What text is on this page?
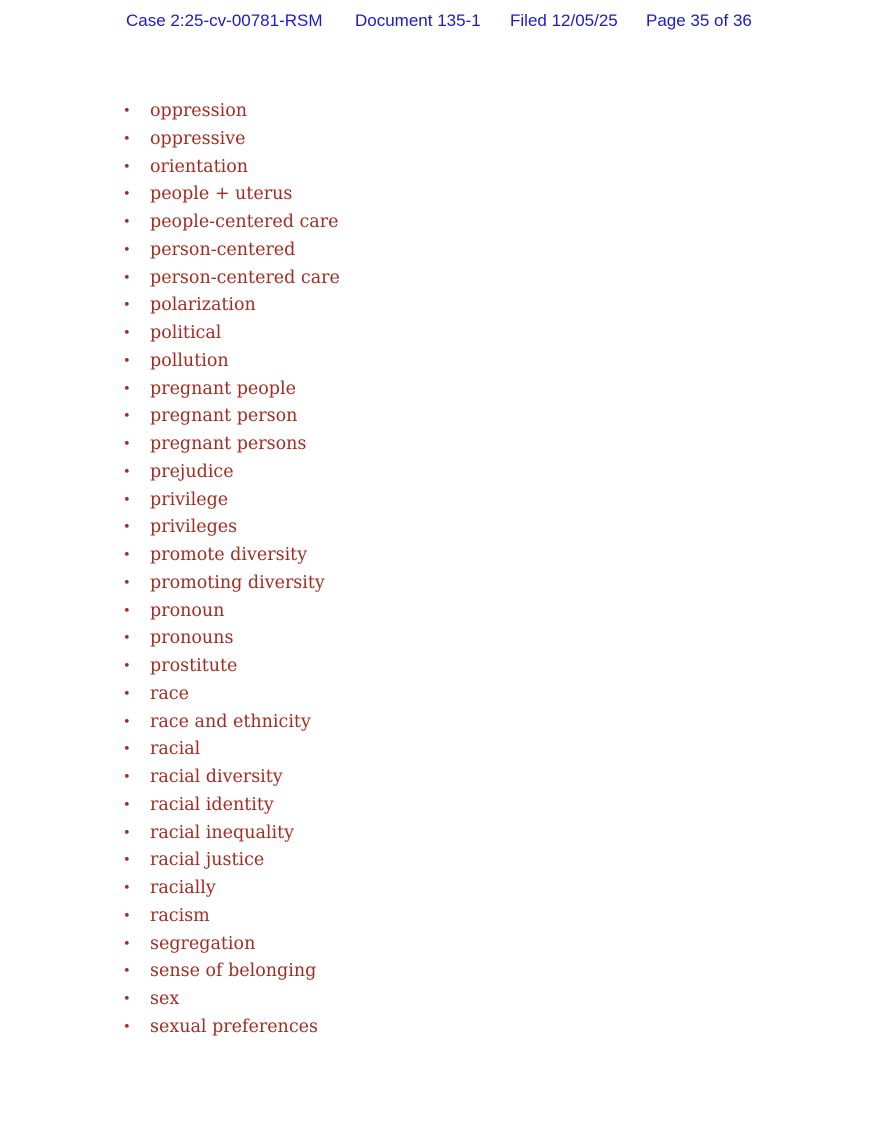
Case 2:25-cv-00781-RSM Document 135-1 Filed 12/05/25 Page 35 of 36
• oppression
• oppressive
• orientation
• people + uterus
• people-centered care
• person-centered
• person-centered care
• polarization
• political
• pollution
• pregnant people
• pregnant person
• pregnant persons
• prejudice
• privilege
• privileges
• promote diversity
• promoting diversity
• pronoun
• pronouns
• prostitute
• race
• race and ethnicity
• racial
• racial diversity
• racial identity
• racial inequality
• racial justice
• racially
• racism
• segregation
• sense of belonging
• sex
• sexual preferences
